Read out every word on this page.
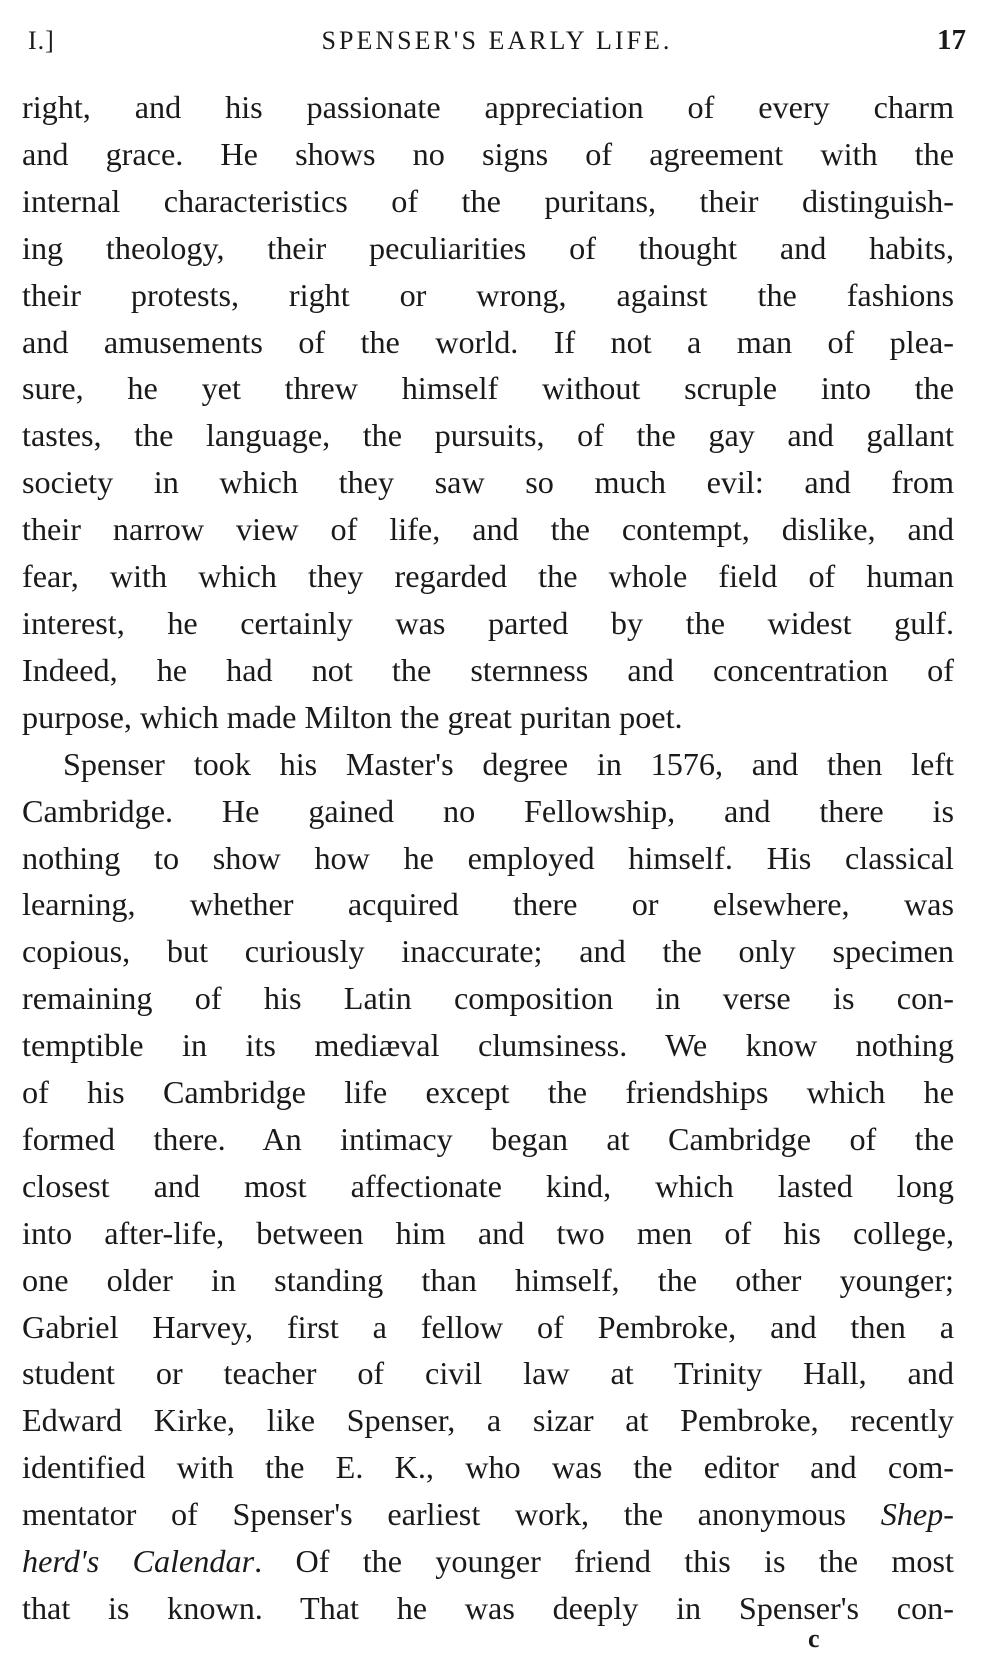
I.]	SPENSER'S EARLY LIFE.	17

right, and his passionate appreciation of every charm
and grace. He shows no signs of agreement with the
internal characteristics of the puritans, their distinguish-
ing theology, their peculiarities of thought and habits,
their protests, right or wrong, against the fashions
and amusements of the world. If not a man of plea-
sure, he yet threw himself without scruple into the
tastes, the language, the pursuits, of the gay and gallant
society in which they saw so much evil: and from
their narrow view of life, and the contempt, dislike, and
fear, with which they regarded the whole field of human
interest, he certainly was parted by the widest gulf.
Indeed, he had not the sternness and concentration of
purpose, which made Milton the great puritan poet.

Spenser took his Master's degree in 1576, and then left
Cambridge. He gained no Fellowship, and there is
nothing to show how he employed himself. His classical
learning, whether acquired there or elsewhere, was
copious, but curiously inaccurate; and the only specimen
remaining of his Latin composition in verse is con-
temptible in its mediæval clumsiness. We know nothing
of his Cambridge life except the friendships which he
formed there. An intimacy began at Cambridge of the
closest and most affectionate kind, which lasted long
into after-life, between him and two men of his college,
one older in standing than himself, the other younger;
Gabriel Harvey, first a fellow of Pembroke, and then a
student or teacher of civil law at Trinity Hall, and
Edward Kirke, like Spenser, a sizar at Pembroke, recently
identified with the E. K., who was the editor and com-
mentator of Spenser's earliest work, the anonymous Shep-
herd's Calendar. Of the younger friend this is the most
that is known. That he was deeply in Spenser's con-

c
